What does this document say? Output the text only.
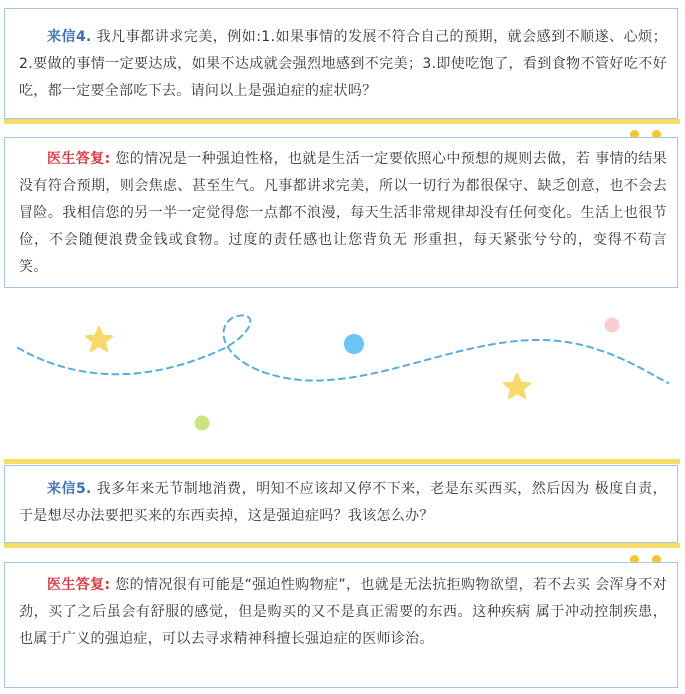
来信4. 我凡事都讲求完美，例如:1.如果事情的发展不符合自己的预期，就会感到不顺遂、心烦；2.要做的事情一定要达成，如果不达成就会强烈地感到不完美；3.即使吃饱了，看到食物不管好吃不好吃，都一定要全部吃下去。请问以上是强迫症的症状吗？
医生答复: 您的情况是一种强迫性格，也就是生活一定要依照心中预想的规则去做，若 事情的结果没有符合预期，则会焦虑、甚至生气。凡事都讲求完美，所以一切行为都很保守、缺乏创意，也不会去冒险。我相信您的另一半一定觉得您一点都不浪漫，每天生活非常规律却没有任何变化。生活上也很节俭，不会随便浪费金钱或食物。过度的责任感也让您背负无 形重担，每天紧张兮兮的，变得不苟言笑。
来信5. 我多年来无节制地消费，明知不应该却又停不下来，老是东买西买，然后因为 极度自责，于是想尽办法要把买来的东西卖掉，这是强迫症吗？我该怎么办？
医生答复: 您的情况很有可能是“强迫性购物症”，也就是无法抗拒购物欲望，若不去买 会浑身不对劲，买了之后虽会有舒服的感觉，但是购买的又不是真正需要的东西。这种疾病 属于冲动控制疾患，也属于广义的强迫症，可以去寻求精神科擅长强迫症的医师诊治。
